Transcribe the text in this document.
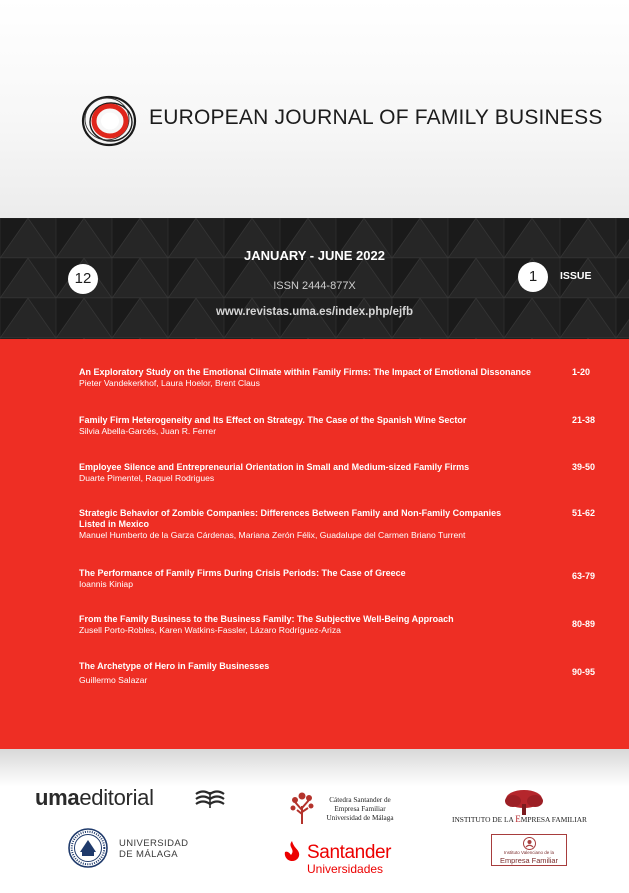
EUROPEAN JOURNAL OF FAMILY BUSINESS
JANUARY - JUNE 2022
ISSN 2444-877X
www.revistas.uma.es/index.php/ejfb
12	1	ISSUE
An Exploratory Study on the Emotional Climate within Family Firms: The Impact of Emotional Dissonance
Pieter Vandekerkhof, Laura Hoelor, Brent Claus
1-20
Family Firm Heterogeneity and Its Effect on Strategy. The Case of the Spanish Wine Sector
Silvia Abella-Garcés, Juan R. Ferrer
21-38
Employee Silence and Entrepreneurial Orientation in Small and Medium-sized Family Firms
Duarte Pimentel, Raquel Rodrigues
39-50
Strategic Behavior of Zombie Companies: Differences Between Family and Non-Family Companies Listed in Mexico
Manuel Humberto de la Garza Cárdenas, Mariana Zerón Félix, Guadalupe del Carmen Briano Turrent
51-62
The Performance of Family Firms During Crisis Periods: The Case of Greece
Ioannis Kiniap
63-79
From the Family Business to the Business Family: The Subjective Well-Being Approach
Zusell Porto-Robles, Karen Watkins-Fassler, Lázaro Rodríguez-Ariza
80-89
The Archetype of Hero in Family Businesses
Guillermo Salazar
90-95
umaeditorial
UNIVERSIDAD
DE MÁLAGA
Cátedra Santander de
Empresa Familiar
Universidad de Málaga
Santander
Universidades
INSTITUTO DE LA EMPRESA FAMILIAR
Instituto Valenciano de la
Empresa Familiar
